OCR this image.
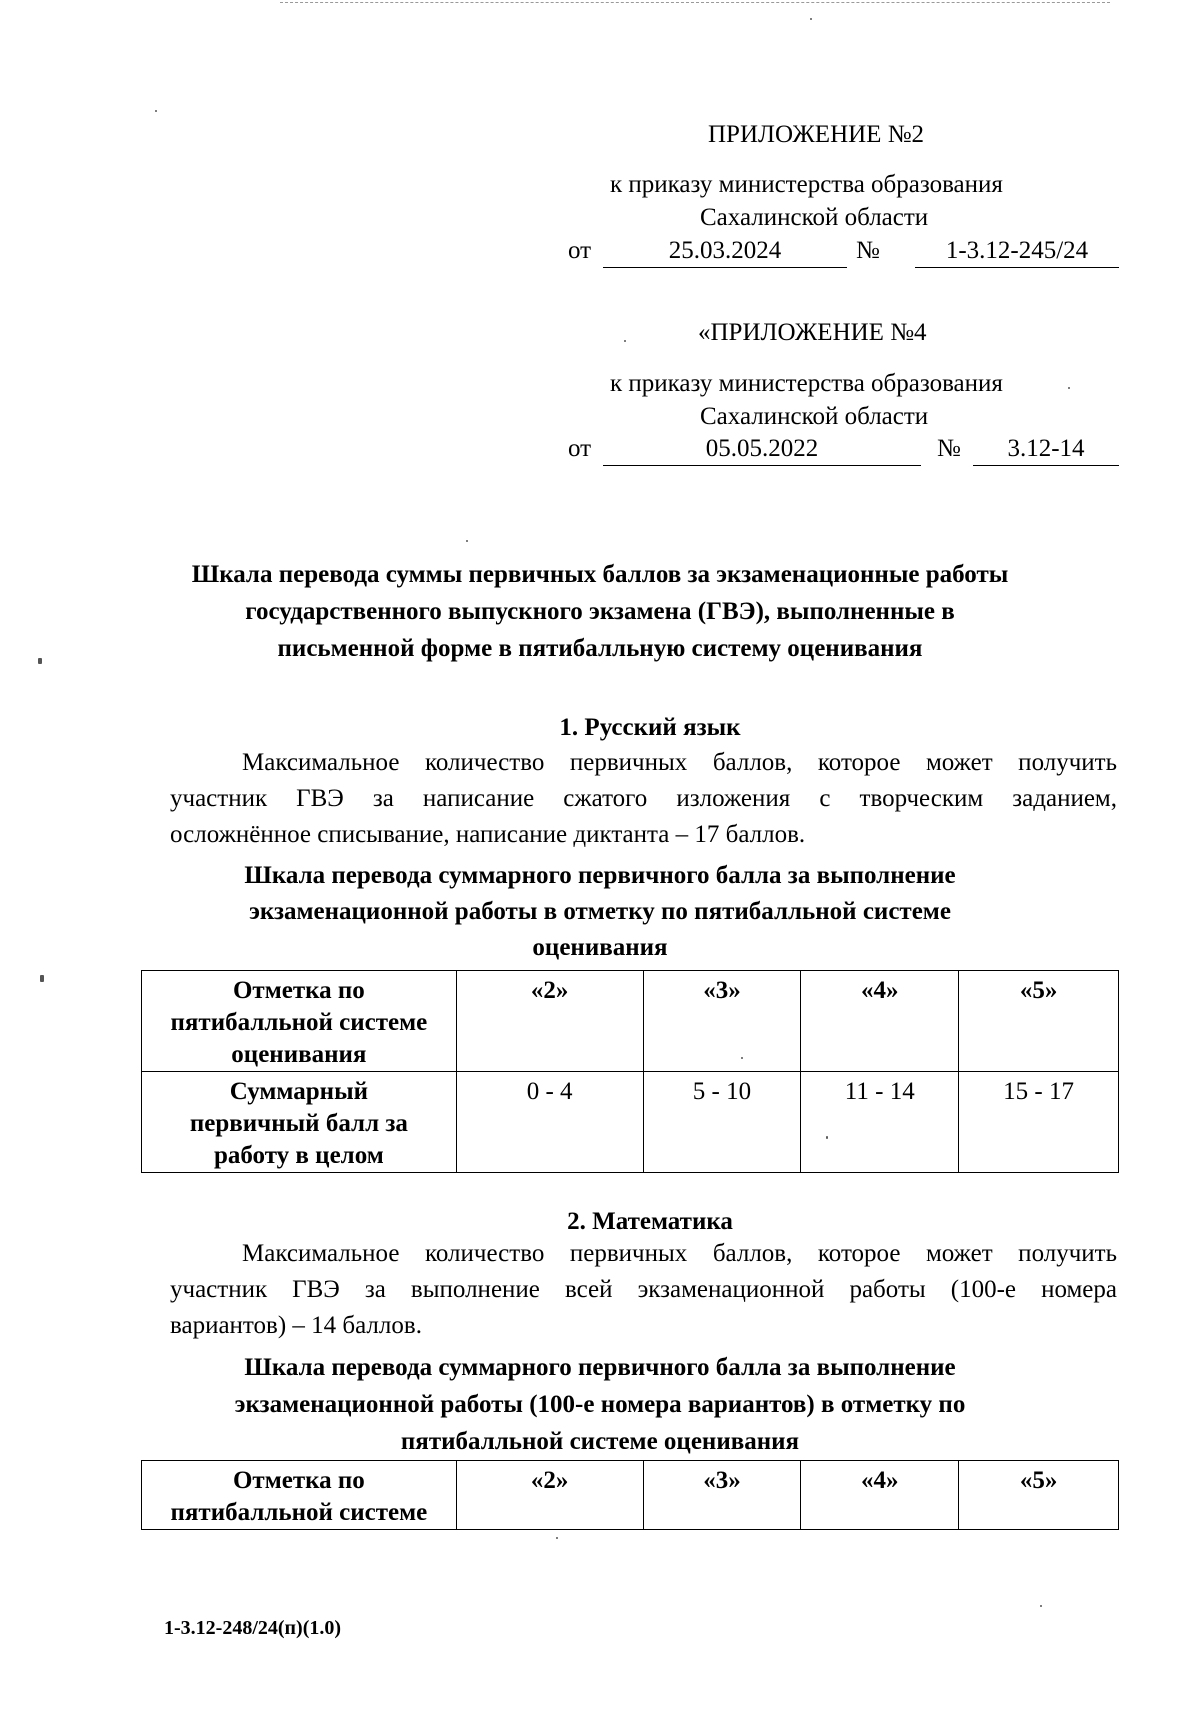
ПРИЛОЖЕНИЕ №2
к приказу министерства образования
Сахалинской области
от	25.03.2024	№	1-3.12-245/24
«ПРИЛОЖЕНИЕ №4
к приказу министерства образования
Сахалинской области
от	05.05.2022	№	3.12-14
Шкала перевода суммы первичных баллов за экзаменационные работы
государственного выпускного экзамена (ГВЭ), выполненные в
письменной форме в пятибалльную систему оценивания
1. Русский язык
Максимальное количество первичных баллов, которое может получить
участник ГВЭ за написание сжатого изложения с творческим заданием,
осложнённое списывание, написание диктанта – 17 баллов.
Шкала перевода суммарного первичного балла за выполнение
экзаменационной работы в отметку по пятибалльной системе
оценивания
Отметка по
пятибалльной системе
оценивания	«2»	«3»	«4»	«5»

Суммарный
первичный балл за
работу в целом	0 - 4	5 - 10	11 - 14	15 - 17
2. Математика
Максимальное количество первичных баллов, которое может получить
участник ГВЭ за выполнение всей экзаменационной работы (100-е номера
вариантов) – 14 баллов.
Шкала перевода суммарного первичного балла за выполнение
экзаменационной работы (100-е номера вариантов) в отметку по
пятибалльной системе оценивания
Отметка по
пятибалльной системе
	«2»	«3»	«4»	«5»
1-3.12-248/24(п)(1.0)
